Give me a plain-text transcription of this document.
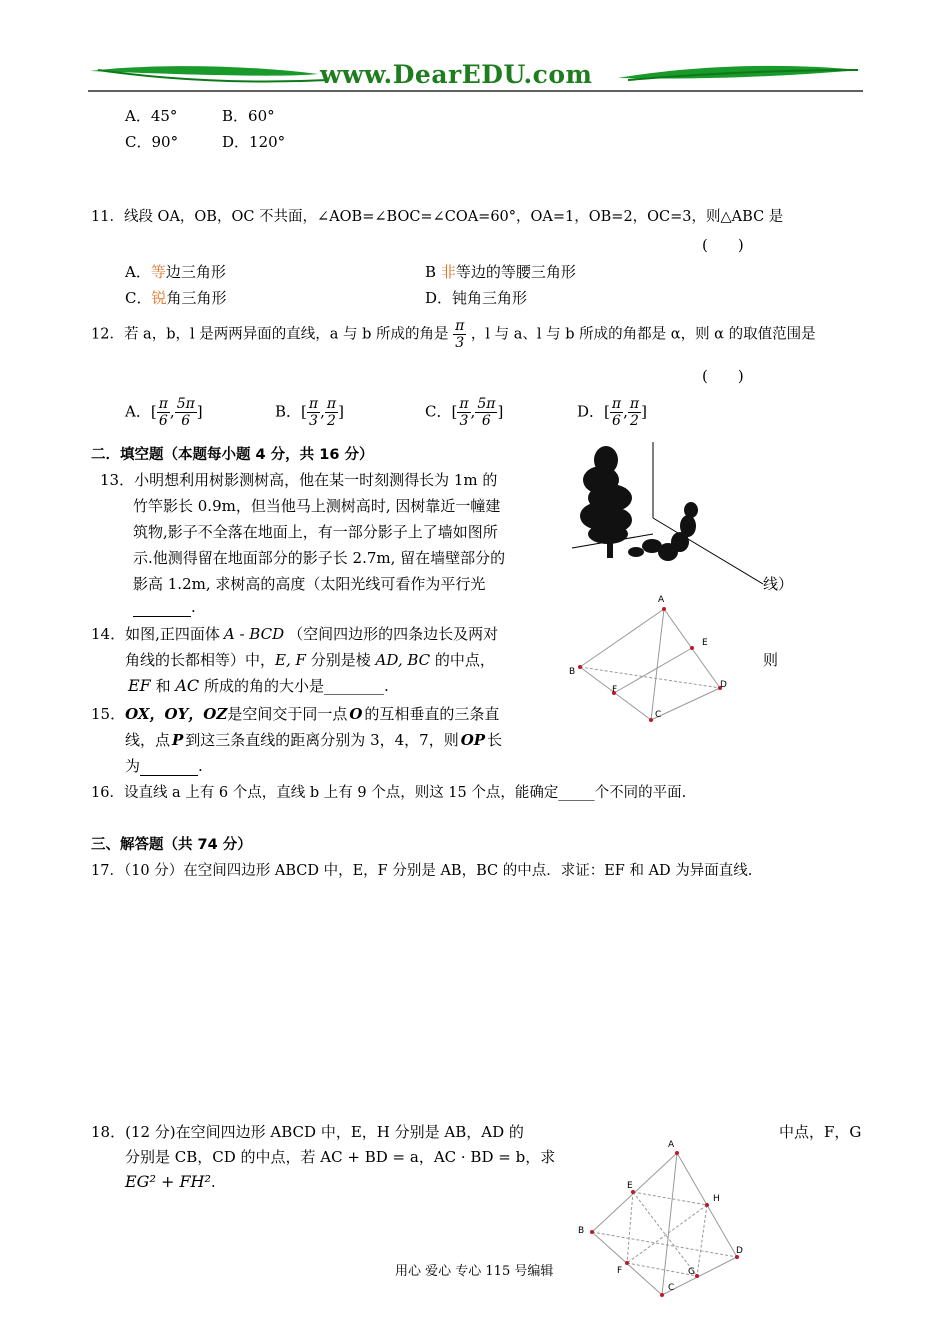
www.DearEDU.com
A．45°	B．60°
C．90°	D．120°
11．线段 OA，OB，OC 不共面，∠AOB=∠BOC=∠COA=60°，OA=1，OB=2，OC=3，则△ABC 是
(　　)
A．等边三角形	B 非等边的等腰三角形
C．锐角三角形	D．钝角三角形
12．若 a，b，l 是两两异面的直线，a 与 b 所成的角是 $\frac{\pi}{3}$ ，l 与 a、l 与 b 所成的角都是 α，则 α 的取值范围是
(　　)
A．[ $\frac{\pi}{6}$ , $\frac{5\pi}{6}$ ]	B．[ $\frac{\pi}{3}$ , $\frac{\pi}{2}$ ]	C．[ $\frac{\pi}{3}$ , $\frac{5\pi}{6}$ ]	D．[ $\frac{\pi}{6}$ , $\frac{\pi}{2}$ ]
二．填空题（本题每小题 4 分，共 16 分）
13．小明想利用树影测树高，他在某一时刻测得长为 1m 的
竹竿影长 0.9m，但当他马上测树高时, 因树靠近一幢建
筑物,影子不全落在地面上，有一部分影子上了墙如图所
示.他测得留在地面部分的影子长 2.7m, 留在墙壁部分的
影高 1.2m, 求树高的高度（太阳光线可看作为平行光	线）
.
14．如图,正四面体 A - BCD （空间四边形的四条边长及两对
角线的长都相等）中，E, F 分别是棱 AD, BC 的中点，	则
EF 和 AC 所成的角的大小是________.
A
B
C
D
E
F
15．OX，OY，OZ是空间交于同一点 O 的互相垂直的三条直
线，点 P 到这三条直线的距离分别为 3，4，7，则 OP 长
为	.
16．设直线 a 上有 6 个点，直线 b 上有 9 个点，则这 15 个点，能确定_____个不同的平面.
三、解答题（共 74 分）
17．（10 分）在空间四边形 ABCD 中，E，F 分别是 AB，BC 的中点．求证：EF 和 AD 为异面直线.
18．(12 分)在空间四边形 ABCD 中，E，H 分别是 AB，AD 的	中点，F，G
分别是 CB，CD 的中点，若 AC + BD = a，AC · BD = b，求
EG² + FH².
A
B
C
D
E
F	G
H
用心 爱心 专心 115 号编辑
